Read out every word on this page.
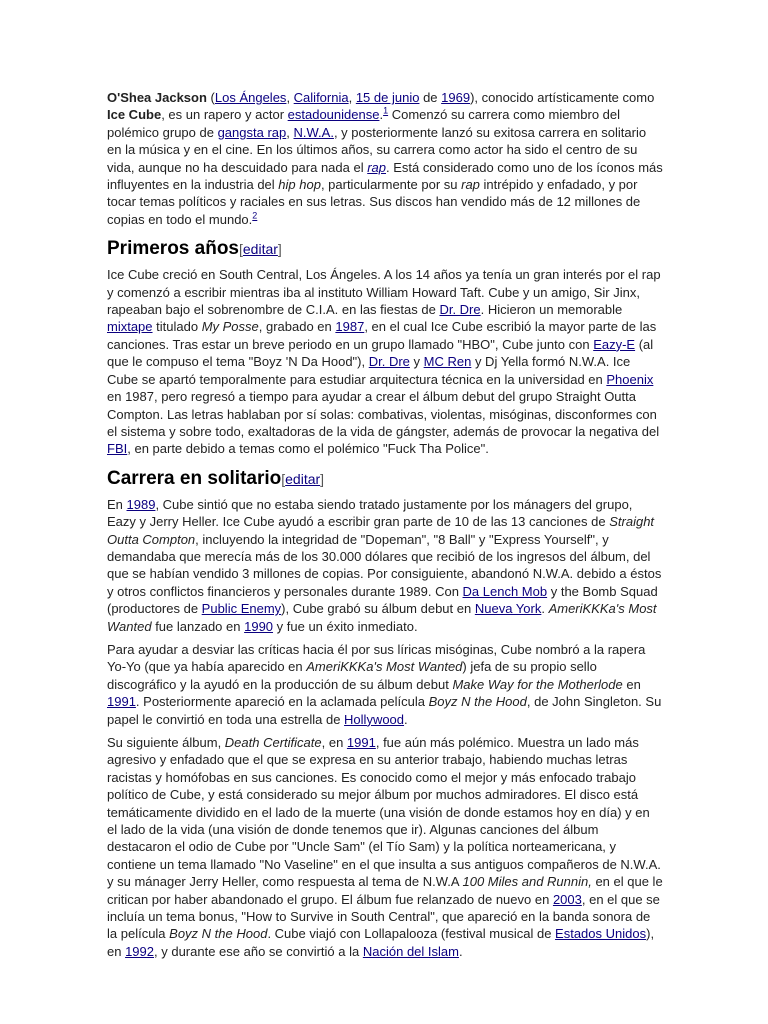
O'Shea Jackson (Los Ángeles, California, 15 de junio de 1969), conocido artísticamente como Ice Cube, es un rapero y actor estadounidense.$^1$ Comenzó su carrera como miembro del polémico grupo de gangsta rap, N.W.A., y posteriormente lanzó su exitosa carrera en solitario en la música y en el cine. En los últimos años, su carrera como actor ha sido el centro de su vida, aunque no ha descuidado para nada el rap. Está considerado como uno de los íconos más influyentes en la industria del hip hop, particularmente por su rap intrépido y enfadado, y por tocar temas políticos y raciales en sus letras. Sus discos han vendido más de 12 millones de copias en todo el mundo.$^2$

Primeros años[editar]

Ice Cube creció en South Central, Los Ángeles. A los 14 años ya tenía un gran interés por el rap y comenzó a escribir mientras iba al instituto William Howard Taft. Cube y un amigo, Sir Jinx, rapeaban bajo el sobrenombre de C.I.A. en las fiestas de Dr. Dre. Hicieron un memorable mixtape titulado My Posse, grabado en 1987, en el cual Ice Cube escribió la mayor parte de las canciones. Tras estar un breve periodo en un grupo llamado "HBO", Cube junto con Eazy-E (al que le compuso el tema "Boyz 'N Da Hood"), Dr. Dre y MC Ren y Dj Yella formó N.W.A. Ice Cube se apartó temporalmente para estudiar arquitectura técnica en la universidad en Phoenix en 1987, pero regresó a tiempo para ayudar a crear el álbum debut del grupo Straight Outta Compton. Las letras hablaban por sí solas: combativas, violentas, misóginas, disconformes con el sistema y sobre todo, exaltadoras de la vida de gángster, además de provocar la negativa del FBI, en parte debido a temas como el polémico "Fuck Tha Police".

Carrera en solitario[editar]

En 1989, Cube sintió que no estaba siendo tratado justamente por los mánagers del grupo, Eazy y Jerry Heller. Ice Cube ayudó a escribir gran parte de 10 de las 13 canciones de Straight Outta Compton, incluyendo la integridad de "Dopeman", "8 Ball" y "Express Yourself", y demandaba que merecía más de los 30.000 dólares que recibió de los ingresos del álbum, del que se habían vendido 3 millones de copias. Por consiguiente, abandonó N.W.A. debido a éstos y otros conflictos financieros y personales durante 1989. Con Da Lench Mob y the Bomb Squad (productores de Public Enemy), Cube grabó su álbum debut en Nueva York. AmeriKKKa's Most Wanted fue lanzado en 1990 y fue un éxito inmediato.

Para ayudar a desviar las críticas hacia él por sus líricas misóginas, Cube nombró a la rapera Yo-Yo (que ya había aparecido en AmeriKKKa's Most Wanted) jefa de su propio sello discográfico y la ayudó en la producción de su álbum debut Make Way for the Motherlode en 1991. Posteriormente apareció en la aclamada película Boyz N the Hood, de John Singleton. Su papel le convirtió en toda una estrella de Hollywood.

Su siguiente álbum, Death Certificate, en 1991, fue aún más polémico. Muestra un lado más agresivo y enfadado que el que se expresa en su anterior trabajo, habiendo muchas letras racistas y homófobas en sus canciones. Es conocido como el mejor y más enfocado trabajo político de Cube, y está considerado su mejor álbum por muchos admiradores. El disco está temáticamente dividido en el lado de la muerte (una visión de donde estamos hoy en día) y en el lado de la vida (una visión de donde tenemos que ir). Algunas canciones del álbum destacaron el odio de Cube por "Uncle Sam" (el Tío Sam) y la política norteamericana, y contiene un tema llamado "No Vaseline" en el que insulta a sus antiguos compañeros de N.W.A. y su mánager Jerry Heller, como respuesta al tema de N.W.A 100 Miles and Runnin, en el que le critican por haber abandonado el grupo. El álbum fue relanzado de nuevo en 2003, en el que se incluía un tema bonus, "How to Survive in South Central", que apareció en la banda sonora de la película Boyz N the Hood. Cube viajó con Lollapalooza (festival musical de Estados Unidos), en 1992, y durante ese año se convirtió a la Nación del Islam.
